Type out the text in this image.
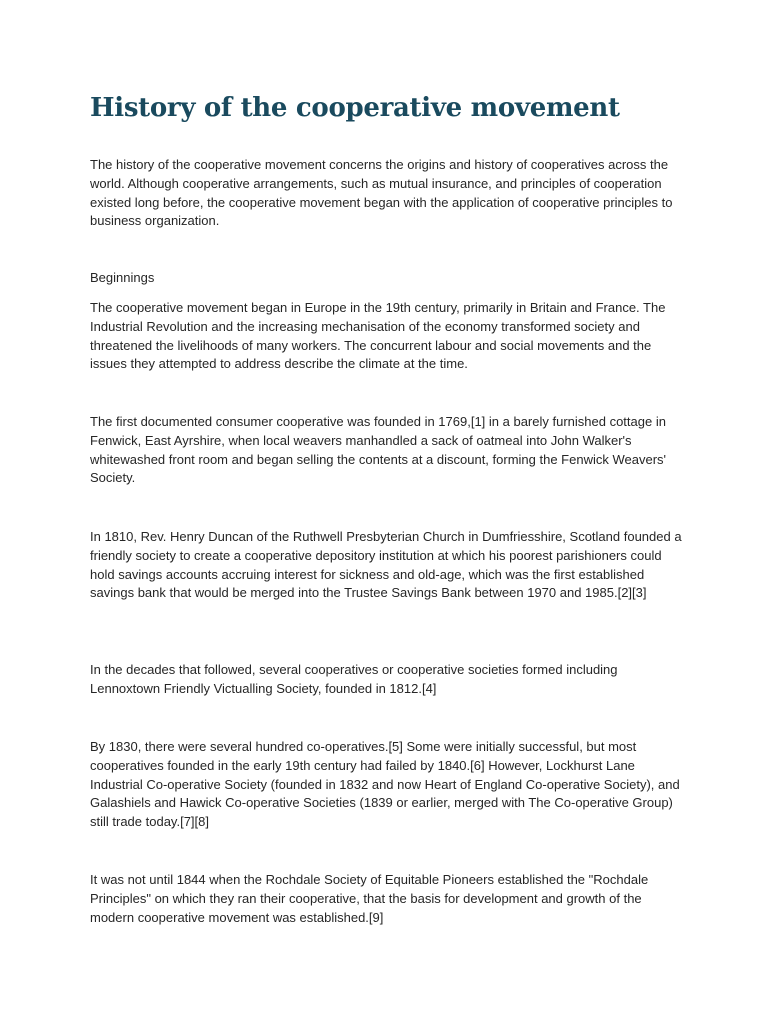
History of the cooperative movement

The history of the cooperative movement concerns the origins and history of cooperatives across the world. Although cooperative arrangements, such as mutual insurance, and principles of cooperation existed long before, the cooperative movement began with the application of cooperative principles to business organization.

Beginnings

The cooperative movement began in Europe in the 19th century, primarily in Britain and France. The Industrial Revolution and the increasing mechanisation of the economy transformed society and threatened the livelihoods of many workers. The concurrent labour and social movements and the issues they attempted to address describe the climate at the time.

The first documented consumer cooperative was founded in 1769,[1] in a barely furnished cottage in Fenwick, East Ayrshire, when local weavers manhandled a sack of oatmeal into John Walker's whitewashed front room and began selling the contents at a discount, forming the Fenwick Weavers' Society.

In 1810, Rev. Henry Duncan of the Ruthwell Presbyterian Church in Dumfriesshire, Scotland founded a friendly society to create a cooperative depository institution at which his poorest parishioners could hold savings accounts accruing interest for sickness and old-age, which was the first established savings bank that would be merged into the Trustee Savings Bank between 1970 and 1985.[2][3]

In the decades that followed, several cooperatives or cooperative societies formed including Lennoxtown Friendly Victualling Society, founded in 1812.[4]

By 1830, there were several hundred co-operatives.[5] Some were initially successful, but most cooperatives founded in the early 19th century had failed by 1840.[6] However, Lockhurst Lane Industrial Co-operative Society (founded in 1832 and now Heart of England Co-operative Society), and Galashiels and Hawick Co-operative Societies (1839 or earlier, merged with The Co-operative Group) still trade today.[7][8]

It was not until 1844 when the Rochdale Society of Equitable Pioneers established the "Rochdale Principles" on which they ran their cooperative, that the basis for development and growth of the modern cooperative movement was established.[9]
